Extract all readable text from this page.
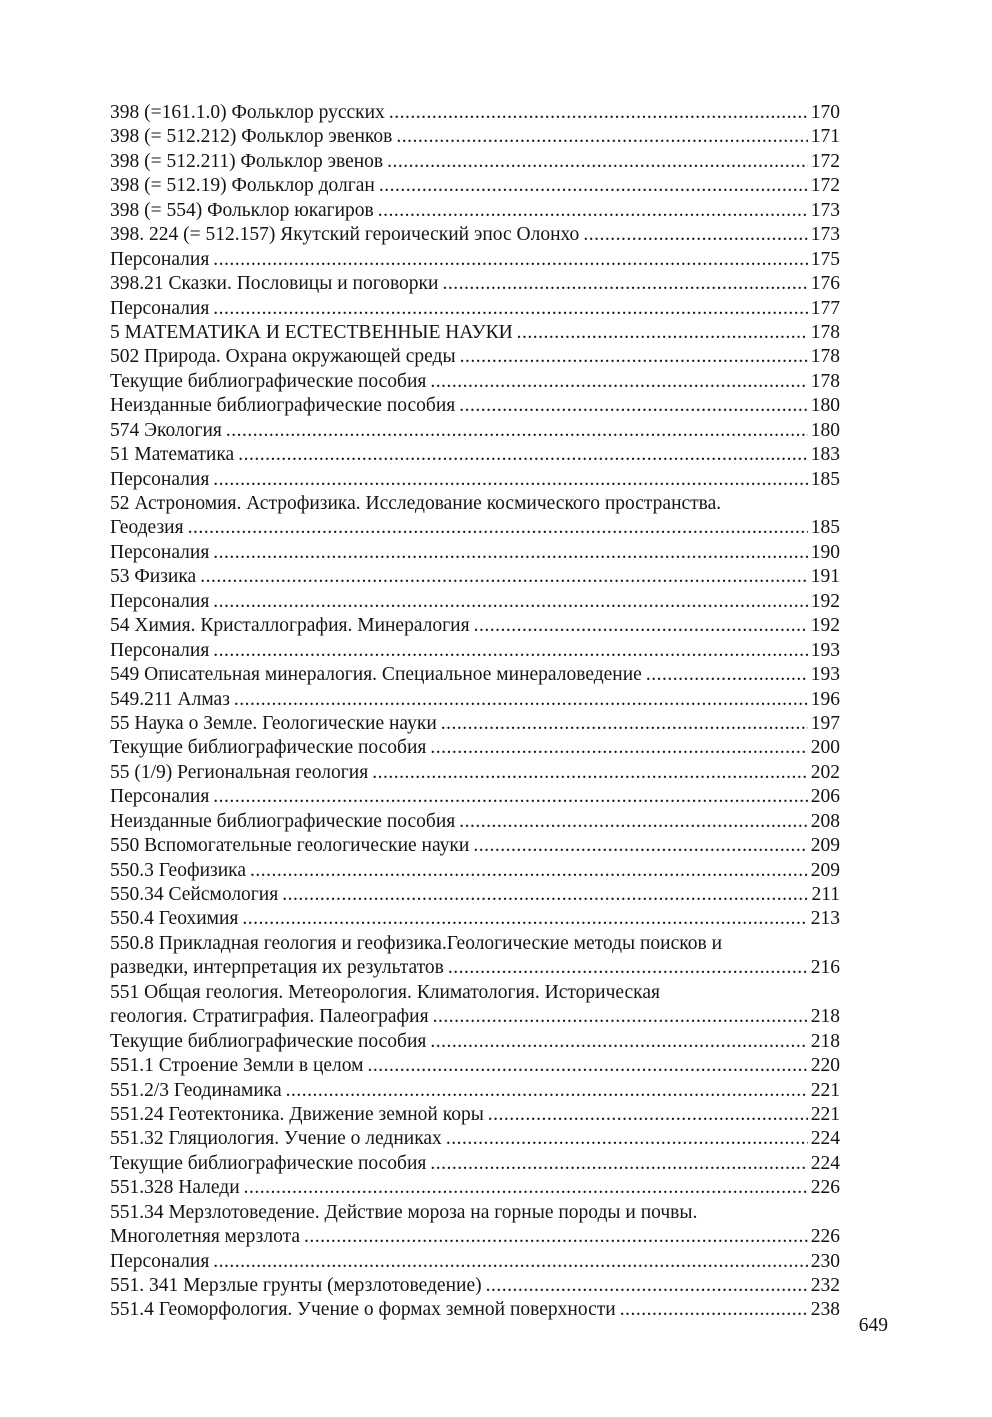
398 (=161.1.0) Фольклор русских .....	170
398 (= 512.212) Фольклор эвенков .....	171
398 (= 512.211) Фольклор эвенов .....	172
398 (= 512.19) Фольклор долган .....	172
398 (= 554) Фольклор юкагиров .....	173
398. 224 (= 512.157) Якутский героический эпос Олонхо .....	173
Персоналия .....	175
398.21 Сказки. Пословицы и поговорки .....	176
Персоналия .....	177
5 МАТЕМАТИКА И ЕСТЕСТВЕННЫЕ НАУКИ .....	178
502 Природа. Охрана окружающей среды .....	178
Текущие библиографические пособия .....	178
Неизданные библиографические пособия .....	180
574 Экология .....	180
51 Математика .....	183
Персоналия .....	185
52 Астрономия. Астрофизика. Исследование космического пространства.
Геодезия .....	185
Персоналия .....	190
53 Физика .....	191
Персоналия .....	192
54 Химия. Кристаллография. Минералогия .....	192
Персоналия .....	193
549 Описательная минералогия. Специальное минераловедение .....	193
549.211 Алмаз .....	196
55 Наука о Земле. Геологические науки .....	197
Текущие библиографические пособия .....	200
55 (1/9) Региональная геология .....	202
Персоналия .....	206
Неизданные библиографические пособия .....	208
550 Вспомогательные геологические науки .....	209
550.3 Геофизика .....	209
550.34 Сейсмология .....	211
550.4 Геохимия .....	213
550.8 Прикладная геология и геофизика.Геологические методы поисков и
разведки, интерпретация их результатов .....	216
551 Общая геология. Метеорология. Климатология. Историческая
геология. Стратиграфия. Палеография .....	218
Текущие библиографические пособия .....	218
551.1 Строение Земли в целом .....	220
551.2/3 Геодинамика .....	221
551.24 Геотектоника. Движение земной коры .....	221
551.32 Гляциология. Учение о ледниках .....	224
Текущие библиографические пособия .....	224
551.328 Наледи .....	226
551.34 Мерзлотоведение. Действие мороза на горные породы и почвы.
Многолетняя мерзлота .....	226
Персоналия .....	230
551. 341 Мерзлые грунты (мерзлотоведение) .....	232
551.4 Геоморфология. Учение о формах земной поверхности .....	238
649
